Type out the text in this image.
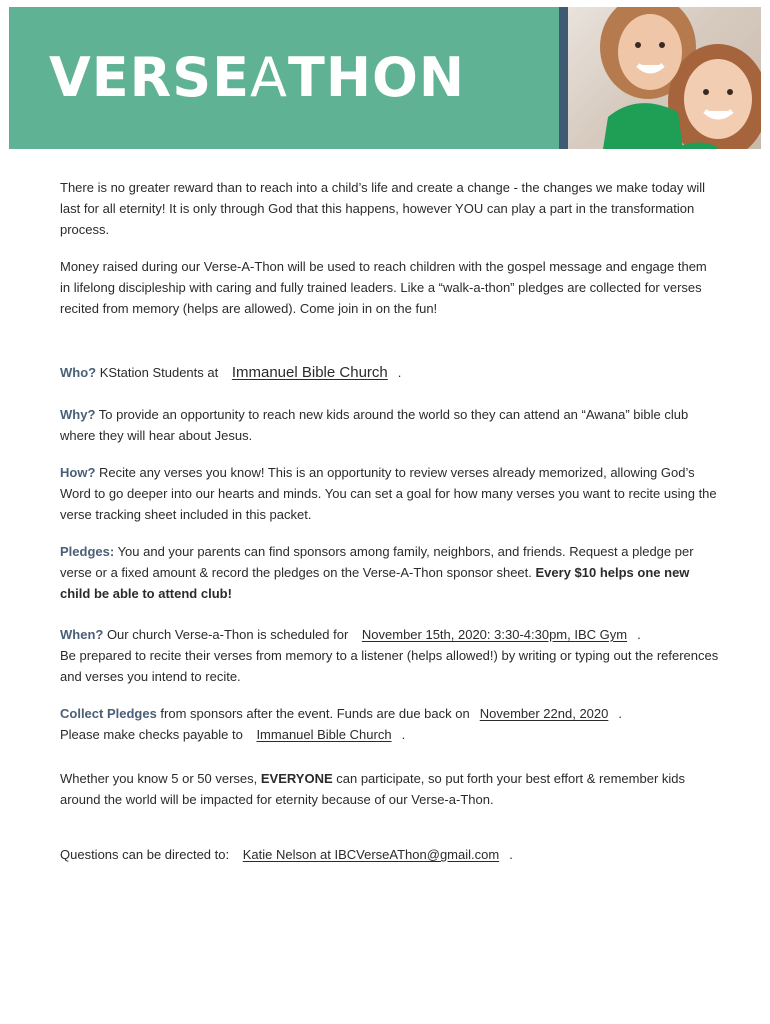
VERSEATHON
There is no greater reward than to reach into a child’s life and create a change - the changes we make today will last for all eternity! It is only through God that this happens, however YOU can play a part in the transformation process.
Money raised during our Verse-A-Thon will be used to reach children with the gospel message and engage them in lifelong discipleship with caring and fully trained leaders. Like a “walk-a-thon” pledges are collected for verses recited from memory (helps are allowed). Come join in on the fun!
Who? KStation Students at Immanuel Bible Church .
Why? To provide an opportunity to reach new kids around the world so they can attend an “Awana” bible club where they will hear about Jesus.
How? Recite any verses you know! This is an opportunity to review verses already memorized, allowing God’s Word to go deeper into our hearts and minds. You can set a goal for how many verses you want to recite using the verse tracking sheet included in this packet.
Pledges: You and your parents can find sponsors among family, neighbors, and friends. Request a pledge per verse or a fixed amount & record the pledges on the Verse-A-Thon sponsor sheet. Every $10 helps one new child be able to attend club!
When? Our church Verse-a-Thon is scheduled for November 15th, 2020: 3:30-4:30pm, IBC Gym .
Be prepared to recite their verses from memory to a listener (helps allowed!) by writing or typing out the references and verses you intend to recite.
Collect Pledges from sponsors after the event. Funds are due back on November 22nd, 2020 .
Please make checks payable to Immanuel Bible Church .
Whether you know 5 or 50 verses, EVERYONE can participate, so put forth your best effort & remember kids around the world will be impacted for eternity because of our Verse-a-Thon.
Questions can be directed to: Katie Nelson at IBCVerseAThon@gmail.com .
